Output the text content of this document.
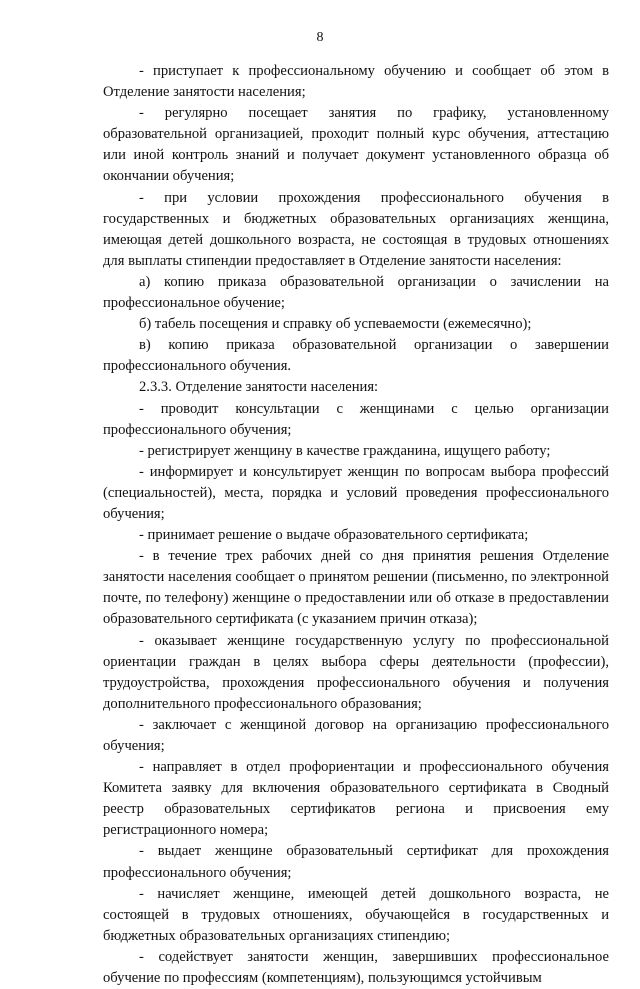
8

- приступает к профессиональному обучению и сообщает об этом в Отделение занятости населения;

- регулярно посещает занятия по графику, установленному образовательной организацией, проходит полный курс обучения, аттестацию или иной контроль знаний и получает документ установленного образца об окончании обучения;

- при условии прохождения профессионального обучения в государственных и бюджетных образовательных организациях женщина, имеющая детей дошкольного возраста, не состоящая в трудовых отношениях для выплаты стипендии предоставляет в Отделение занятости населения:

а) копию приказа образовательной организации о зачислении на профессиональное обучение;

б) табель посещения и справку об успеваемости (ежемесячно);

в) копию приказа образовательной организации о завершении профессионального обучения.

2.3.3. Отделение занятости населения:

- проводит консультации с женщинами с целью организации профессионального обучения;

- регистрирует женщину в качестве гражданина, ищущего работу;

- информирует и консультирует женщин по вопросам выбора профессий (специальностей), места, порядка и условий проведения профессионального обучения;

- принимает решение о выдаче образовательного сертификата;

- в течение трех рабочих дней со дня принятия решения Отделение занятости населения сообщает о принятом решении (письменно, по электронной почте, по телефону) женщине о предоставлении или об отказе в предоставлении образовательного сертификата (с указанием причин отказа);

- оказывает женщине государственную услугу по профессиональной ориентации граждан в целях выбора сферы деятельности (профессии), трудоустройства, прохождения профессионального обучения и получения дополнительного профессионального образования;

- заключает с женщиной договор на организацию профессионального обучения;

- направляет в отдел профориентации и профессионального обучения Комитета заявку для включения образовательного сертификата в Сводный реестр образовательных сертификатов региона и присвоения ему регистрационного номера;

- выдает женщине образовательный сертификат для прохождения профессионального обучения;

- начисляет женщине, имеющей детей дошкольного возраста, не состоящей в трудовых отношениях, обучающейся в государственных и бюджетных образовательных организациях стипендию;

- содействует занятости женщин, завершивших профессиональное обучение по профессиям (компетенциям), пользующимся устойчивым
